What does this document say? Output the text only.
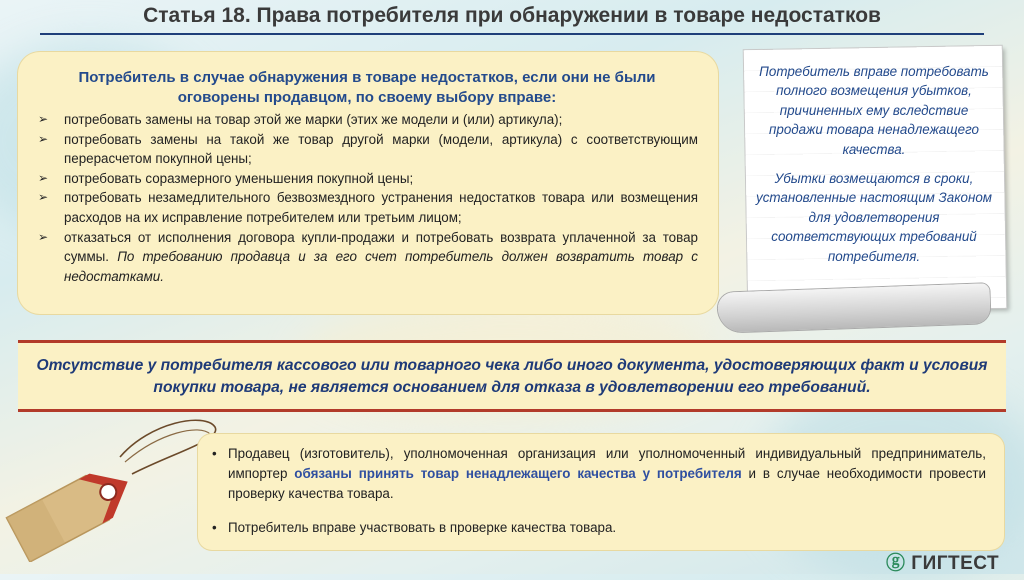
Статья 18. Права потребителя при обнаружении в товаре недостатков
Потребитель в случае обнаружения в товаре недостатков, если они не были оговорены продавцом, по своему выбору вправе:
➢ потребовать замены на товар этой же марки (этих же модели и (или) артикула);
➢ потребовать замены на такой же товар другой марки (модели, артикула) с соответствующим перерасчетом покупной цены;
➢ потребовать соразмерного уменьшения покупной цены;
➢ потребовать незамедлительного безвозмездного устранения недостатков товара или возмещения расходов на их исправление потребителем или третьим лицом;
➢ отказаться от исполнения договора купли-продажи и потребовать возврата уплаченной за товар суммы. По требованию продавца и за его счет потребитель должен возвратить товар с недостатками.

Потребитель вправе потребовать полного возмещения убытков, причиненных ему вследствие продажи товара ненадлежащего качества.

Убытки возмещаются в сроки, установленные настоящим Законом для удовлетворения соответствующих требований потребителя.

Отсутствие у потребителя кассового или товарного чека либо иного документа, удостоверяющих факт и условия покупки товара, не является основанием для отказа в удовлетворении его требований.
• Продавец (изготовитель), уполномоченная организация или уполномоченный индивидуальный предприниматель, импортер обязаны принять товар ненадлежащего качества у потребителя и в случае необходимости провести проверку качества товара.
• Потребитель вправе участвовать в проверке качества товара.
ⓖ ГИГТЕСТ
